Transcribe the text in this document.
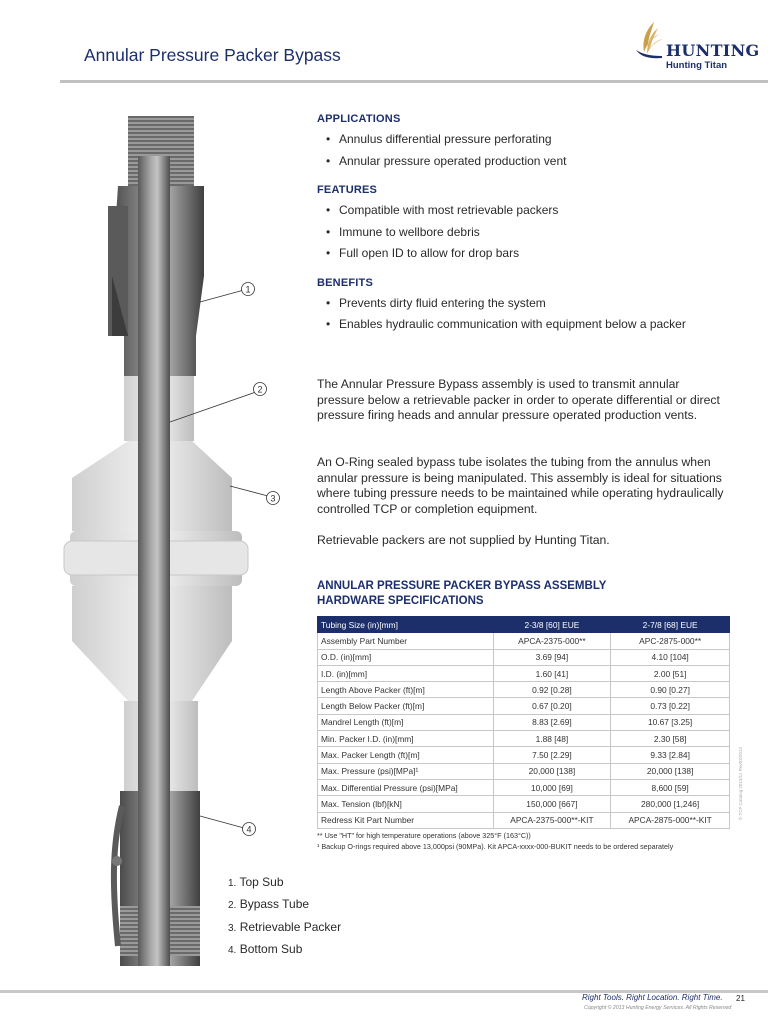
Annular Pressure Packer Bypass	HUNTING
Hunting Titan
1
2
3
4
APPLICATIONS
• Annulus differential pressure perforating
• Annular pressure operated production vent
FEATURES
• Compatible with most retrievable packers
• Immune to wellbore debris
• Full open ID to allow for drop bars
BENEFITS
• Prevents dirty fluid entering the system
• Enables hydraulic communication with equipment below a packer

The Annular Pressure Bypass assembly is used to transmit annular pressure below a retrievable packer in order to operate differential or direct pressure firing heads and annular pressure operated production vents.

An O-Ring sealed bypass tube isolates the tubing from the annulus when annular pressure is being manipulated. This assembly is ideal for situations where tubing pressure needs to be maintained while operating hydraulically controlled TCP or completion equipment.

Retrievable packers are not supplied by Hunting Titan.

ANNULAR PRESSURE PACKER BYPASS ASSEMBLY
HARDWARE SPECIFICATIONS
Tubing Size (in)[mm]	2-3/8 [60] EUE	2-7/8 [68] EUE
Assembly Part Number	APCA-2375-000**	APC-2875-000**
O.D. (in)[mm]	3.69 [94]	4.10 [104]
I.D. (in)[mm]	1.60 [41]	2.00 [51]
Length Above Packer (ft)[m]	0.92 [0.28]	0.90 [0.27]
Length Below Packer (ft)[m]	0.67 [0.20]	0.73 [0.22]
Mandrel Length (ft)[m]	8.83 [2.69]	10.67 [3.25]
Min. Packer I.D. (in)[mm]	1.88 [48]	2.30 [58]
Max. Packer Length (ft)[m]	7.50 [2.29]	9.33 [2.84]
Max. Pressure (psi)[MPa]¹	20,000 [138]	20,000 [138]
Max. Differential Pressure (psi)[MPa]	10,000 [69]	8,600 [59]
Max. Tension (lbf)[kN]	150,000 [667]	280,000 [1,246]
Redress Kit Part Number	APCA-2375-000**-KIT	APCA-2875-000**-KIT
** Use "HT" for high temperature operations (above 325°F (163°C))
¹ Backup O-rings required above 13,000psi (90MPa). Kit APCA-xxxx-000-BUKIT needs to be ordered separately
1. Top Sub
2. Bypass Tube
3. Retrievable Packer
4. Bottom Sub
© TCP Catalog 2013/11 Rev03/2013
Right Tools. Right Location. Right Time.
Copyright © 2013 Hunting Energy Services. All Rights Reserved
21
